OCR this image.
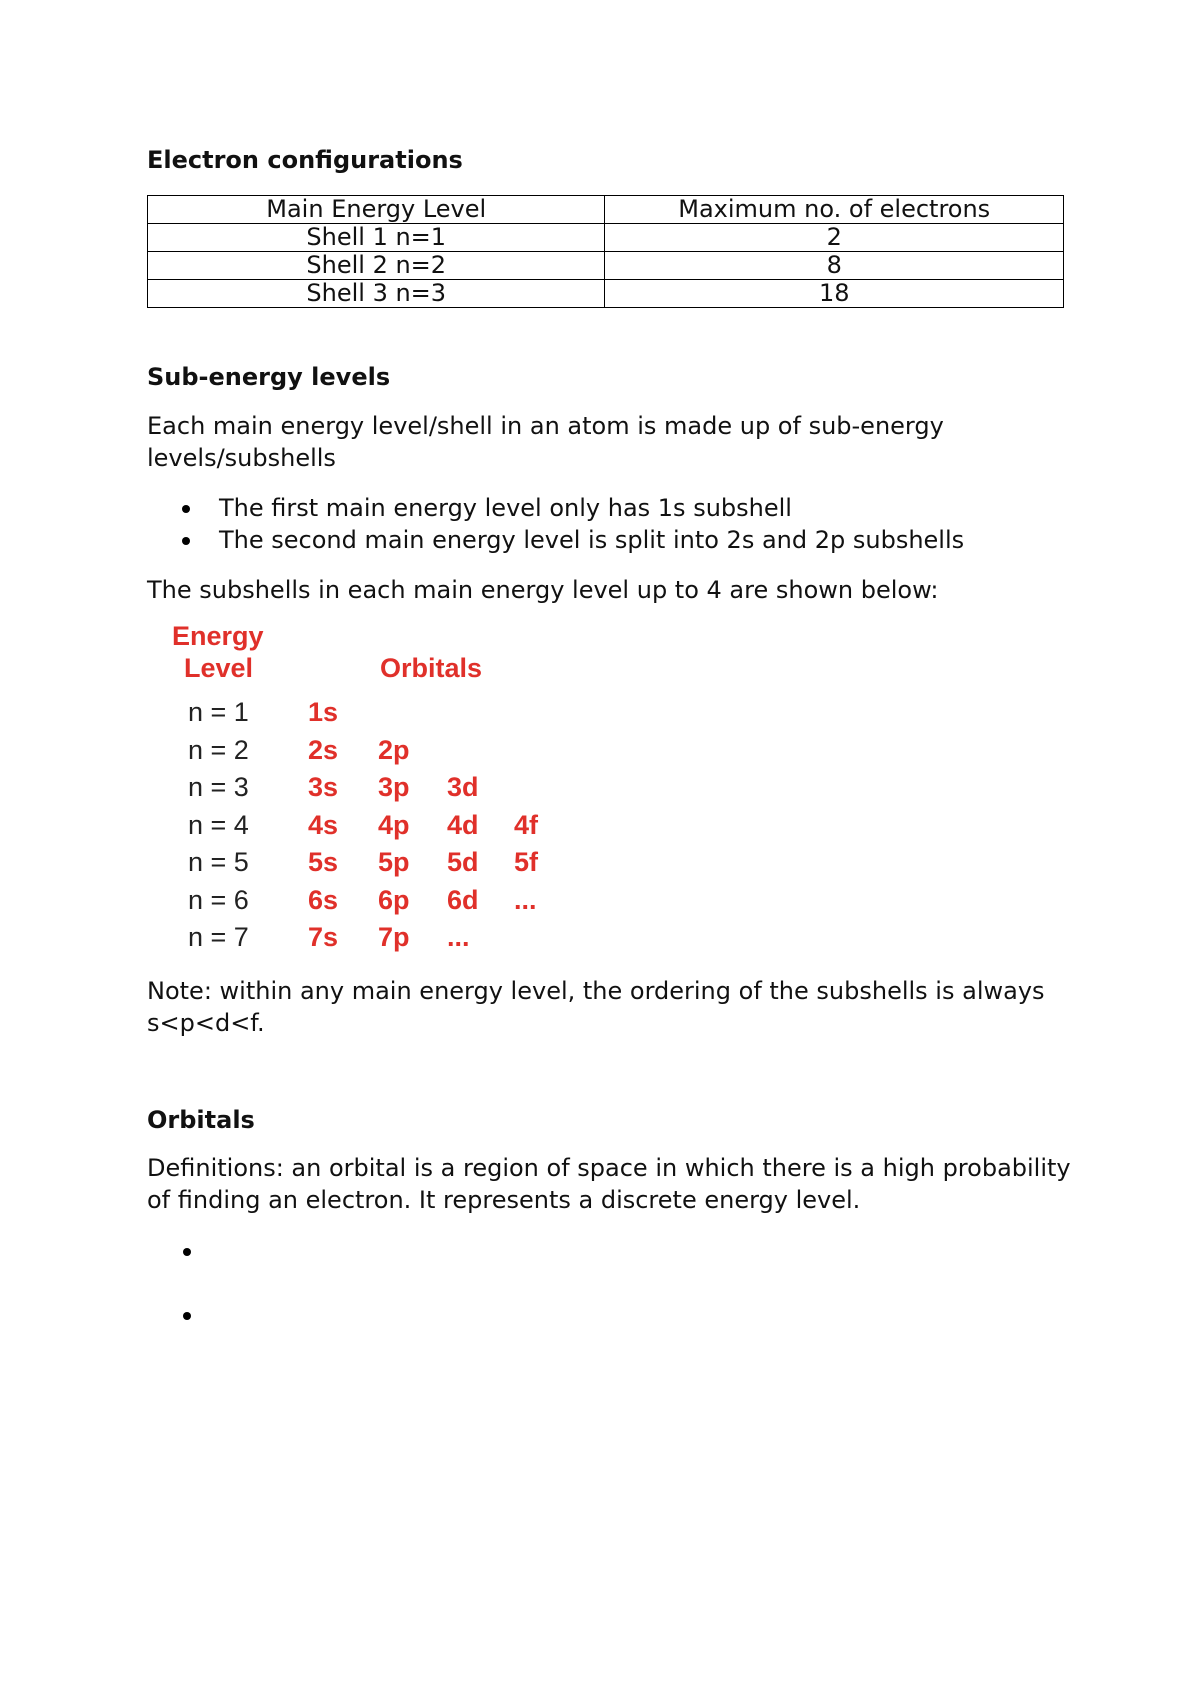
Electron configurations
Main Energy Level	Maximum no. of electrons
Shell 1 n=1	2
Shell 2 n=2	8
Shell 3 n=3	18
Sub-energy levels

Each main energy level/shell in an atom is made up of sub-energy levels/subshells

The first main energy level only has 1s subshell
The second main energy level is split into 2s and 2p subshells

The subshells in each main energy level up to 4 are shown below:

Energy
Level	Orbitals
n = 1 1s
n = 2 2s 2p
n = 3 3s 3p 3d
n = 4 4s 4p 4d 4f
n = 5 5s 5p 5d 5f
n = 6 6s 6p 6d ...
n = 7 7s 7p ...

Note: within any main energy level, the ordering of the subshells is always s<p<d<f.

Orbitals

Definitions: an orbital is a region of space in which there is a high probability of finding an electron. It represents a discrete energy level.
